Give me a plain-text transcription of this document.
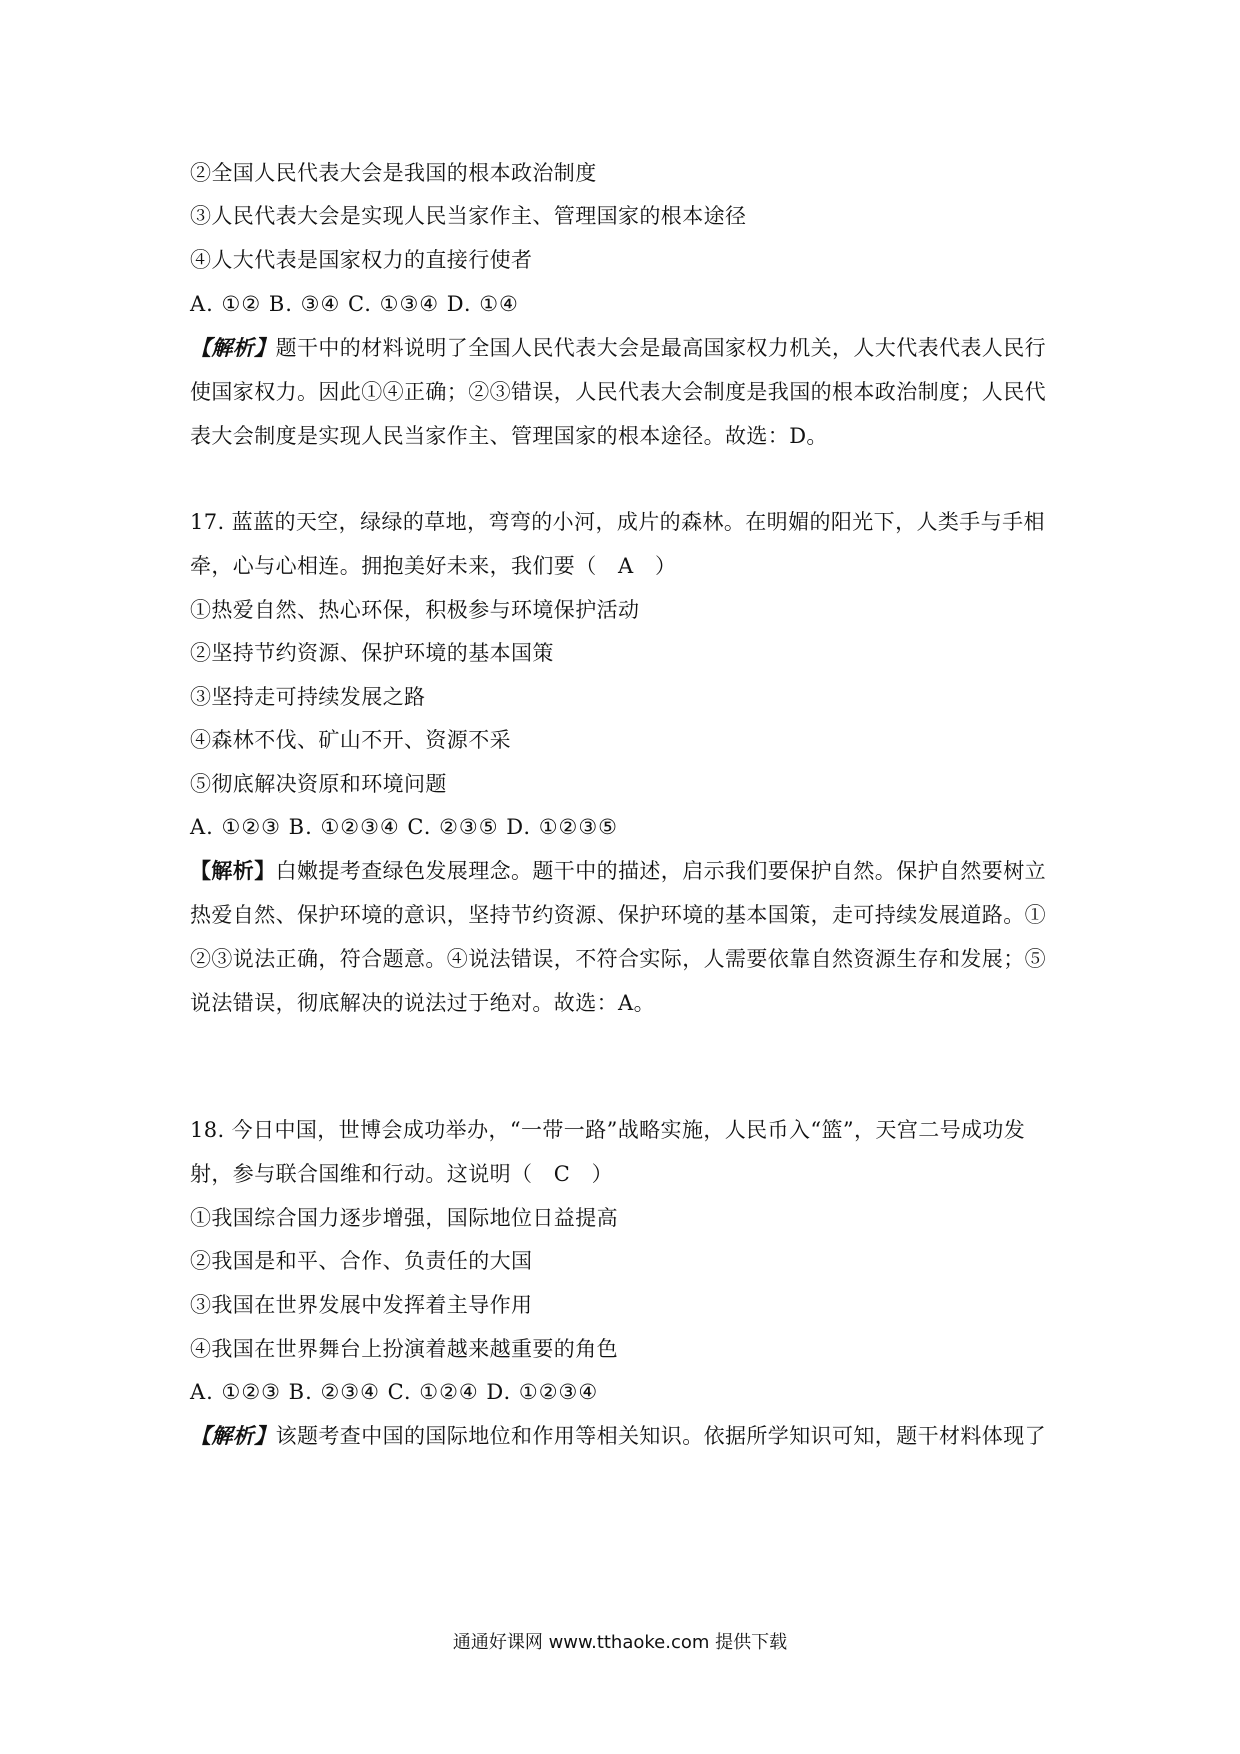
②全国人民代表大会是我国的根本政治制度
③人民代表大会是实现人民当家作主、管理国家的根本途径
④人大代表是国家权力的直接行使者
A. ①② B. ③④ C. ①③④ D. ①④
【解析】题干中的材料说明了全国人民代表大会是最高国家权力机关，人大代表代表人民行
使国家权力。因此①④正确；②③错误，人民代表大会制度是我国的根本政治制度；人民代
表大会制度是实现人民当家作主、管理国家的根本途径。故选：D。
17. 蓝蓝的天空，绿绿的草地，弯弯的小河，成片的森林。在明媚的阳光下，人类手与手相
牵，心与心相连。拥抱美好未来，我们要（　A　）
①热爱自然、热心环保，积极参与环境保护活动
②坚持节约资源、保护环境的基本国策
③坚持走可持续发展之路
④森林不伐、矿山不开、资源不采
⑤彻底解决资原和环境问题
A. ①②③ B. ①②③④ C. ②③⑤ D. ①②③⑤
【解析】白嫩提考查绿色发展理念。题干中的描述，启示我们要保护自然。保护自然要树立
热爱自然、保护环境的意识，坚持节约资源、保护环境的基本国策，走可持续发展道路。①
②③说法正确，符合题意。④说法错误，不符合实际，人需要依靠自然资源生存和发展；⑤
说法错误，彻底解决的说法过于绝对。故选：A。
18. 今日中国，世博会成功举办，“一带一路”战略实施，人民币入“篮”，天宫二号成功发
射，参与联合国维和行动。这说明（　C　）
①我国综合国力逐步增强，国际地位日益提高
②我国是和平、合作、负责任的大国
③我国在世界发展中发挥着主导作用
④我国在世界舞台上扮演着越来越重要的角色
A. ①②③ B. ②③④ C. ①②④ D. ①②③④
【解析】该题考查中国的国际地位和作用等相关知识。依据所学知识可知，题干材料体现了
通通好课网 www.tthaoke.com 提供下载
